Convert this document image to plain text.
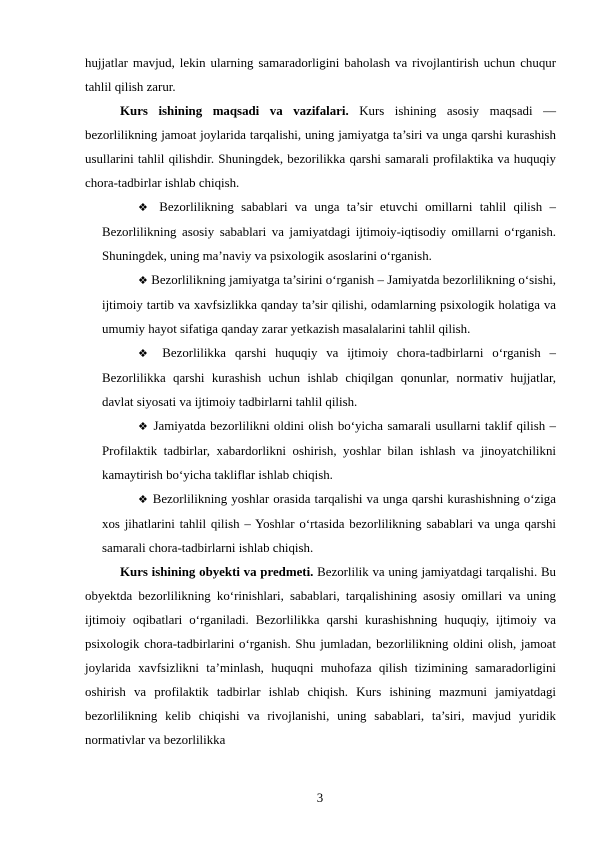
hujjatlar mavjud, lekin ularning samaradorligini baholash va rivojlantirish uchun chuqur tahlil qilish zarur.

Kurs ishining maqsadi va vazifalari. Kurs ishining asosiy maqsadi — bezorlilikning jamoat joylarida tarqalishi, uning jamiyatga ta’siri va unga qarshi kurashish usullarini tahlil qilishdir. Shuningdek, bezorilikka qarshi samarali profilaktika va huquqiy chora-tadbirlar ishlab chiqish.

❖ Bezorlilikning sabablari va unga ta’sir etuvchi omillarni tahlil qilish – Bezorlilikning asosiy sabablari va jamiyatdagi ijtimoiy-iqtisodiy omillarni o‘rganish. Shuningdek, uning ma’naviy va psixologik asoslarini o‘rganish.

❖ Bezorlilikning jamiyatga ta’sirini o‘rganish – Jamiyatda bezorlilikning o‘sishi, ijtimoiy tartib va xavfsizlikka qanday ta’sir qilishi, odamlarning psixologik holatiga va umumiy hayot sifatiga qanday zarar yetkazish masalalarini tahlil qilish.

❖ Bezorlilikka qarshi huquqiy va ijtimoiy chora-tadbirlarni o‘rganish – Bezorlilikka qarshi kurashish uchun ishlab chiqilgan qonunlar, normativ hujjatlar, davlat siyosati va ijtimoiy tadbirlarni tahlil qilish.

❖ Jamiyatda bezorlilikni oldini olish bo‘yicha samarali usullarni taklif qilish – Profilaktik tadbirlar, xabardorlikni oshirish, yoshlar bilan ishlash va jinoyatchilikni kamaytirish bo‘yicha takliflar ishlab chiqish.

❖ Bezorlilikning yoshlar orasida tarqalishi va unga qarshi kurashishning o‘ziga xos jihatlarini tahlil qilish – Yoshlar o‘rtasida bezorlilikning sabablari va unga qarshi samarali chora-tadbirlarni ishlab chiqish.

Kurs ishining obyekti va predmeti. Bezorlilik va uning jamiyatdagi tarqalishi. Bu obyektda bezorlilikning ko‘rinishlari, sabablari, tarqalishining asosiy omillari va uning ijtimoiy oqibatlari o‘rganiladi. Bezorlilikka qarshi kurashishning huquqiy, ijtimoiy va psixologik chora-tadbirlarini o‘rganish. Shu jumladan, bezorlilikning oldini olish, jamoat joylarida xavfsizlikni ta’minlash, huquqni muhofaza qilish tizimining samaradorligini oshirish va profilaktik tadbirlar ishlab chiqish. Kurs ishining mazmuni jamiyatdagi bezorlilikning kelib chiqishi va rivojlanishi, uning sabablari, ta’siri, mavjud yuridik normativlar va bezorlilikka

3
